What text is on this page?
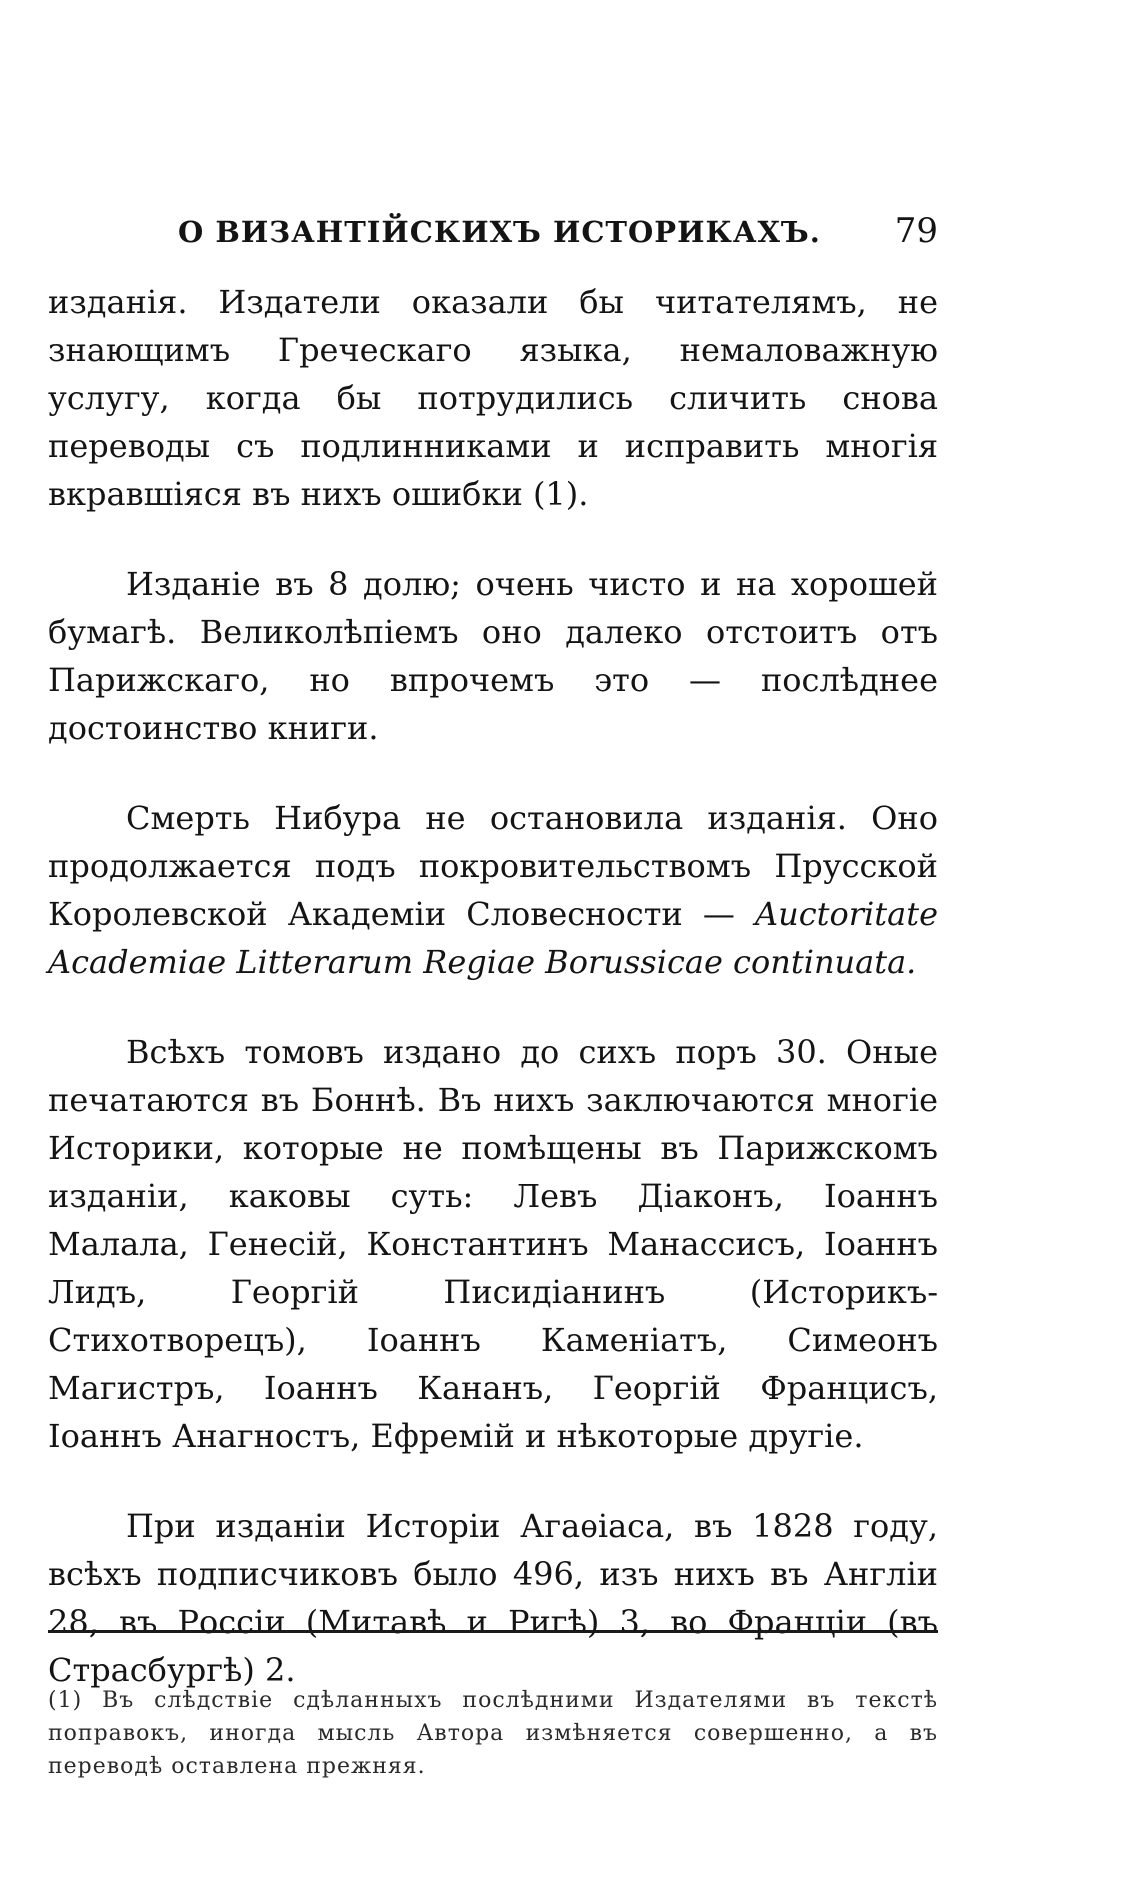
О ВИЗАНТІЙСКИХЪ ИСТОРИКАХЪ. 79

изданія. Издатели оказали бы читателямъ, не знающимъ Греческаго языка, немаловажную услугу, когда бы потрудились сличить снова переводы съ подлинниками и исправить многія вкравшіяся въ нихъ ошибки (1).

Изданіе въ 8 долю; очень чисто и на хорошей бумагѣ. Великолѣпіемъ оно далеко отстоитъ отъ Парижскаго, но впрочемъ это — послѣднее достоинство книги.

Смерть Нибура не остановила изданія. Оно продолжается подъ покровительствомъ Прусской Королевской Академіи Словесности — Auctoritate Academiae Litterarum Regiae Borussicae continuata.

Всѣхъ томовъ издано до сихъ поръ 30. Оные печатаются въ Боннѣ. Въ нихъ заключаются многіе Историки, которые не помѣщены въ Парижскомъ изданіи, каковы суть: Левъ Діаконъ, Іоаннъ Малала, Генесій, Константинъ Манассисъ, Іоаннъ Лидъ, Георгій Писидіанинъ (Историкъ-Стихотворецъ), Іоаннъ Каменіатъ, Симеонъ Магистръ, Іоаннъ Кананъ, Георгій Францисъ, Іоаннъ Анагностъ, Ефремій и нѣкоторые другіе.

При изданіи Исторіи Агаѳіаса, въ 1828 году, всѣхъ подписчиковъ было 496, изъ нихъ въ Англіи 28, въ Россіи (Митавѣ и Ригѣ) 3, во Франціи (въ Страсбургѣ) 2.

(1) Въ слѣдствіе сдѣланныхъ послѣдними Издателями въ текстѣ поправокъ, иногда мысль Автора измѣняется совершенно, а въ переводѣ оставлена прежняя.
